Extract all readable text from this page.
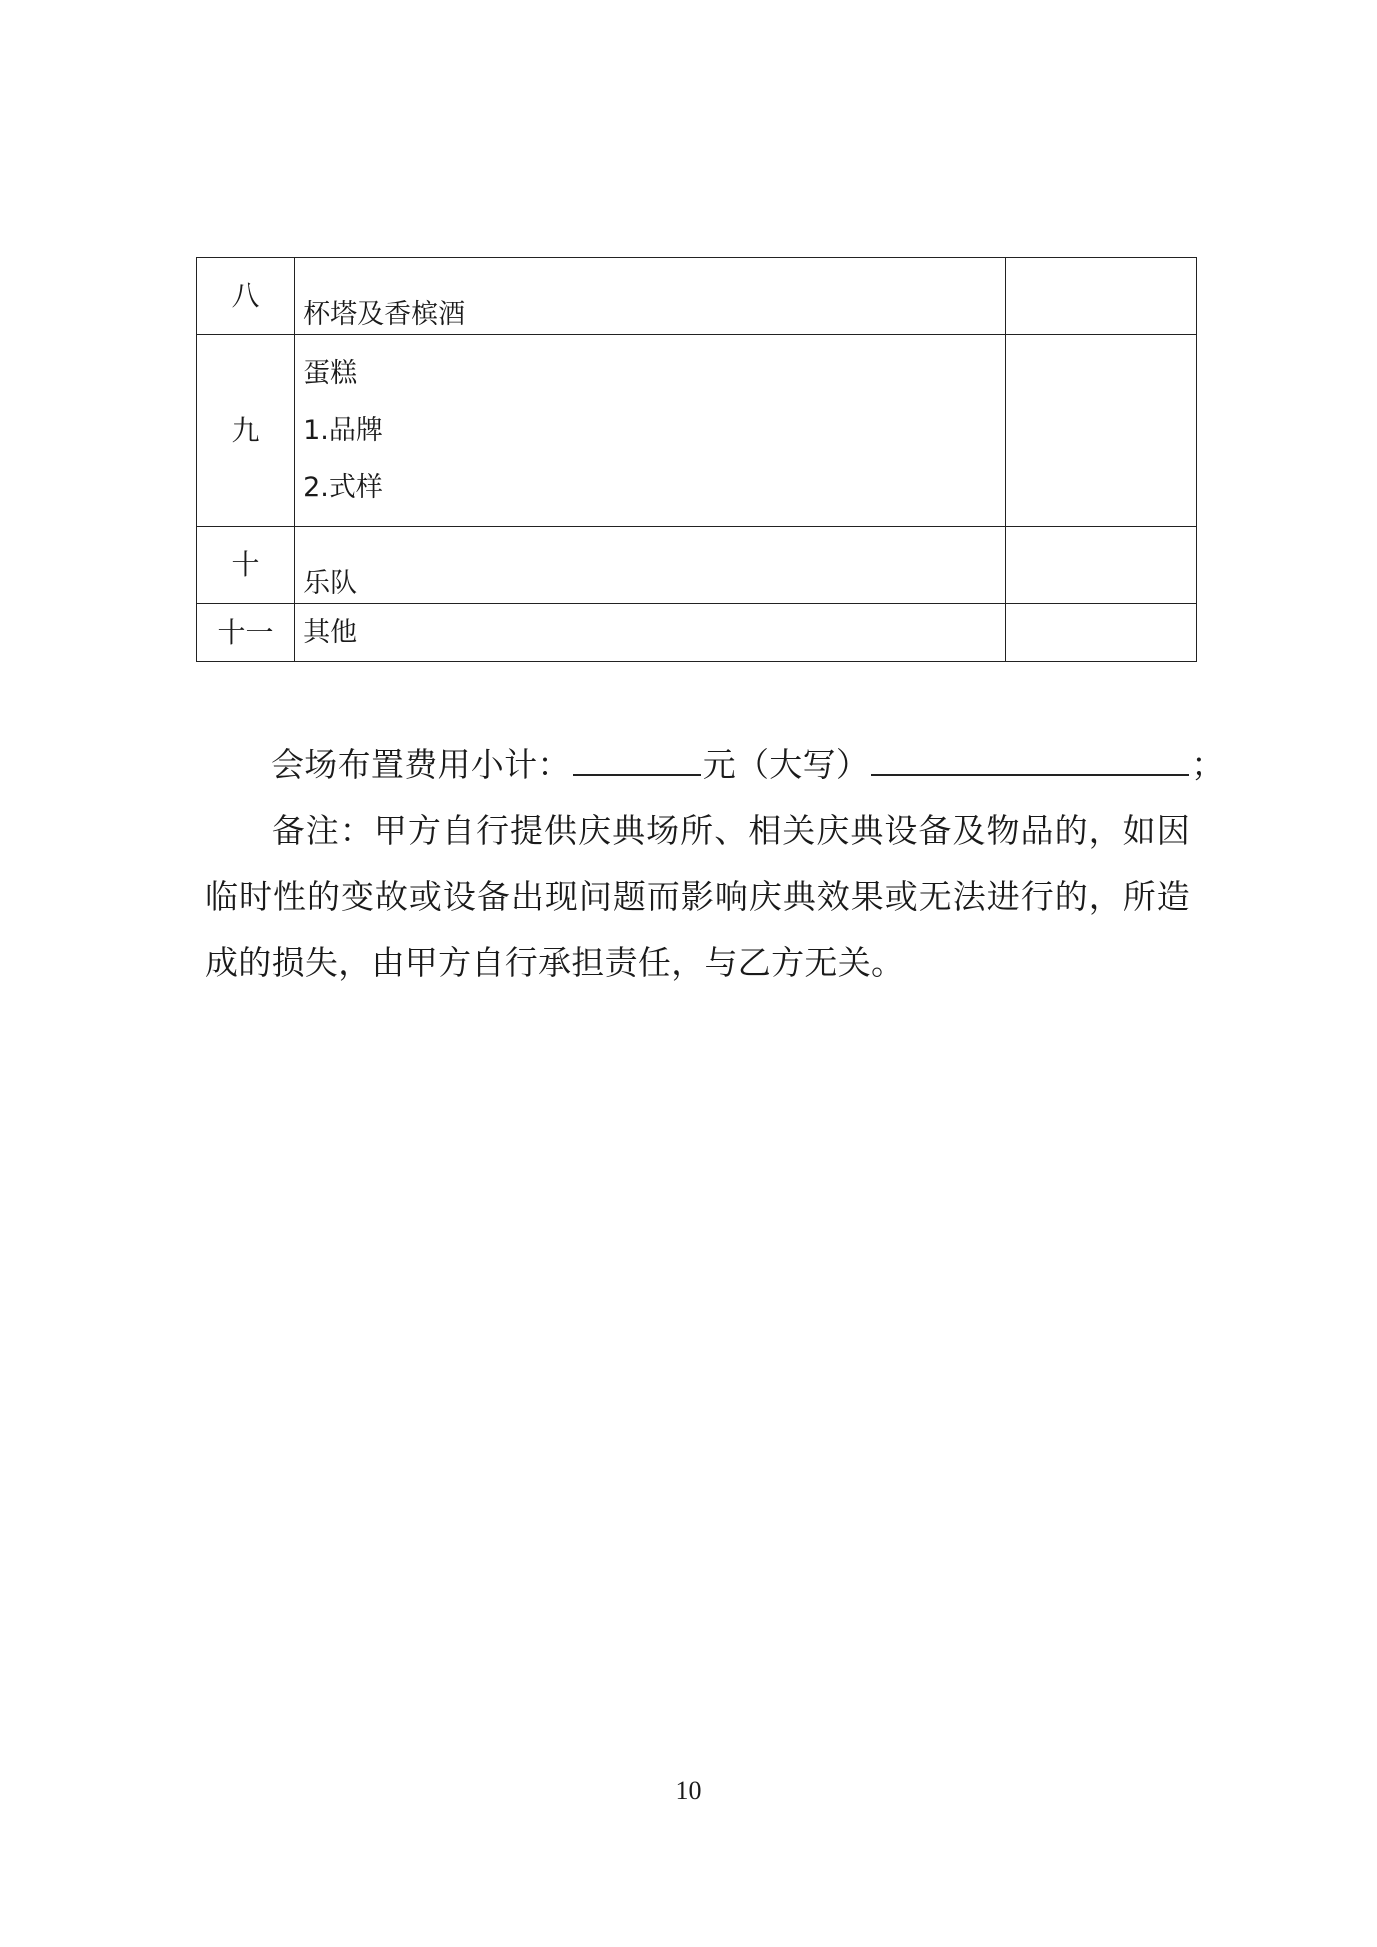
八	杯塔及香槟酒	

九	蛋糕
1.品牌
2.式样	

十	乐队	

十一	其他	

会场布置费用小计：	元（大写）	；
备注：甲方自行提供庆典场所、相关庆典设备及物品的，如因临时性的变故或设备出现问题而影响庆典效果或无法进行的，所造成的损失，由甲方自行承担责任，与乙方无关。
10
